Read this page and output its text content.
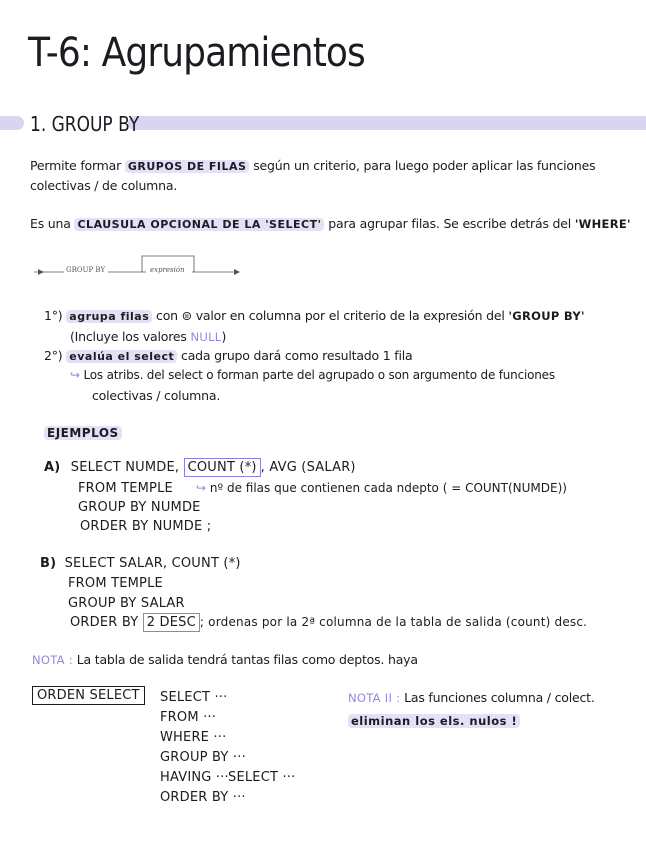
T-6: Agrupamientos
1. GROUP BY
Permite formar GRUPOS DE FILAS según un criterio, para luego poder aplicar las funciones
colectivas / de columna.
Es una CLAUSULA OPCIONAL DE LA 'SELECT' para agrupar filas. Se escribe detrás del 'WHERE'
GROUP BY	expresión
1°) agrupa filas con ⊜ valor en columna por el criterio de la expresión del 'GROUP BY'
(Incluye los valores NULL)
2°) evalúa el select cada grupo dará como resultado 1 fila
↪ Los atribs. del select o forman parte del agrupado o son argumento de funciones
colectivas / columna.
EJEMPLOS
A) SELECT NUMDE, COUNT (*) , AVG (SALAR)
FROM TEMPLE ↪ nº de filas que contienen cada ndepto ( = COUNT(NUMDE))
GROUP BY NUMDE
ORDER BY NUMDE ;
B) SELECT SALAR, COUNT (*)
FROM TEMPLE
GROUP BY SALAR
ORDER BY 2 DESC ; ordenas por la 2ª columna de la tabla de salida (count) desc.
NOTA : La tabla de salida tendrá tantas filas como deptos. haya
ORDEN SELECT	SELECT ···
FROM ···
WHERE ···
GROUP BY ···
HAVING ··· SELECT ···
ORDER BY ···
NOTA II : Las funciones columna / colect.
eliminan los els. nulos !
